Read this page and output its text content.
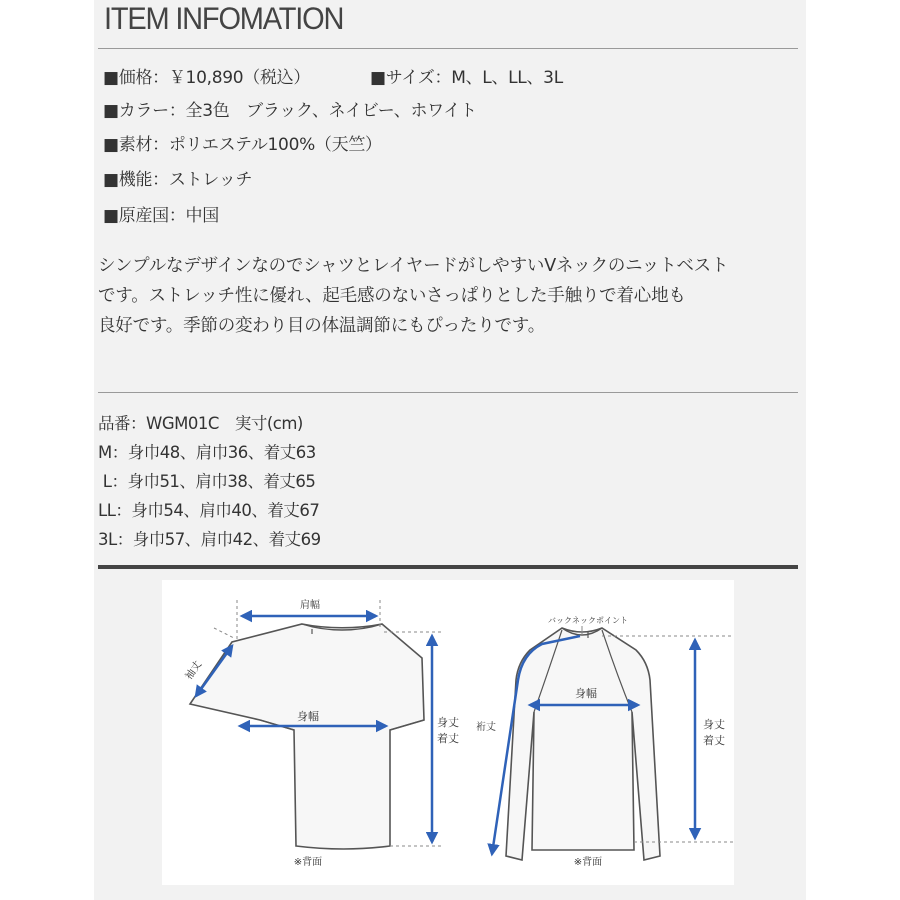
ITEM INFOMATION
■価格：￥10,890（税込）	■サイズ：M、L、LL、3L
■カラー：全3色　ブラック、ネイビー、ホワイト
■素材：ポリエステル100%（天竺）
■機能：ストレッチ
■原産国：中国
シンプルなデザインなのでシャツとレイヤードがしやすいVネックのニットベスト
です。ストレッチ性に優れ、起毛感のないさっぱりとした手触りで着心地も
良好です。季節の変わり目の体温調節にもぴったりです。
品番：WGM01C　実寸(cm)
M：身巾48、肩巾36、着丈63
L：身巾51、肩巾38、着丈65
LL：身巾54、肩巾40、着丈67
3L：身巾57、肩巾42、着丈69
肩幅
身幅
袖丈
身丈
着丈
※背面
バックネックポイント
身幅
裄丈	身丈
着丈
※背面
